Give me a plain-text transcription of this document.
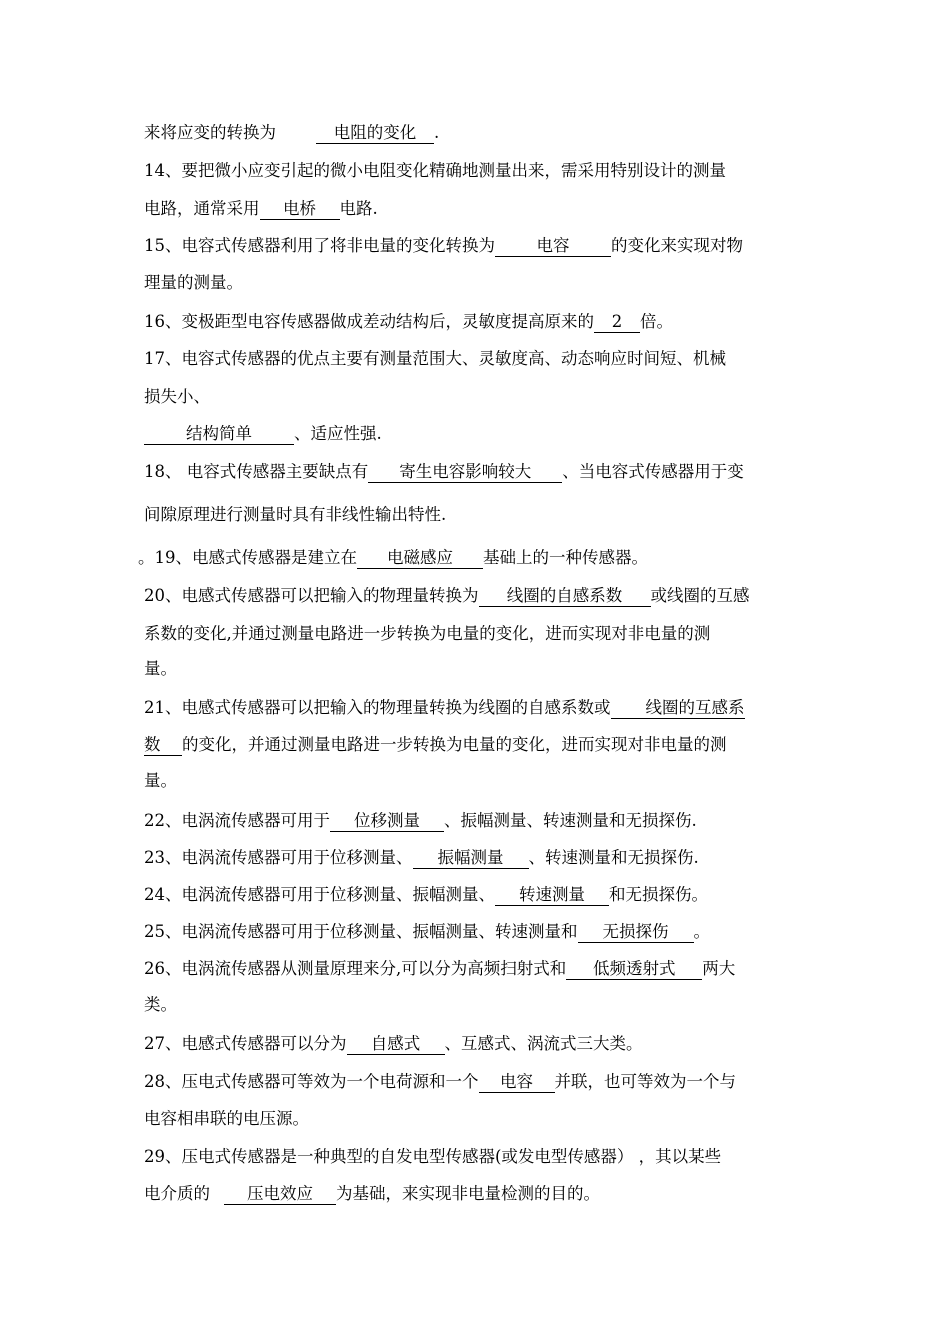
来将应变的转换为	电阻的变化 .
14、要把微小应变引起的微小电阻变化精确地测量出来，需采用特别设计的测量
电路，通常采用 电桥 电路.
15、电容式传感器利用了将非电量的变化转换为	电容	的变化来实现对物
理量的测量。
16、变极距型电容传感器做成差动结构后，灵敏度提高原来的 2 倍。
17、电容式传感器的优点主要有测量范围大、灵敏度高、动态响应时间短、机械
损失小、
结构简单	、适应性强.
18、 电容式传感器主要缺点有 寄生电容影响较大 、当电容式传感器用于变
间隙原理进行测量时具有非线性输出特性.
。19、电感式传感器是建立在 电磁感应 基础上的一种传感器。
20、电感式传感器可以把输入的物理量转换为 线圈的自感系数 或线圈的互感
系数的变化,并通过测量电路进一步转换为电量的变化，进而实现对非电量的测
量。
21、电感式传感器可以把输入的物理量转换为线圈的自感系数或 线圈的互感系
数 的变化，并通过测量电路进一步转换为电量的变化，进而实现对非电量的测
量。
22、电涡流传感器可用于 位移测量 、振幅测量、转速测量和无损探伤.
23、电涡流传感器可用于位移测量、 振幅测量 、转速测量和无损探伤.
24、电涡流传感器可用于位移测量、振幅测量、 转速测量 和无损探伤。
25、电涡流传感器可用于位移测量、振幅测量、转速测量和 无损探伤 。
26、电涡流传感器从测量原理来分,可以分为高频扫射式和 低频透射式 两大
类。
27、电感式传感器可以分为 自感式 、互感式、涡流式三大类。
28、压电式传感器可等效为一个电荷源和一个 电容 并联，也可等效为一个与
电容相串联的电压源。
29、压电式传感器是一种典型的自发电型传感器(或发电型传感器） ，其以某些
电介质的 压电效应 为基础，来实现非电量检测的目的。
